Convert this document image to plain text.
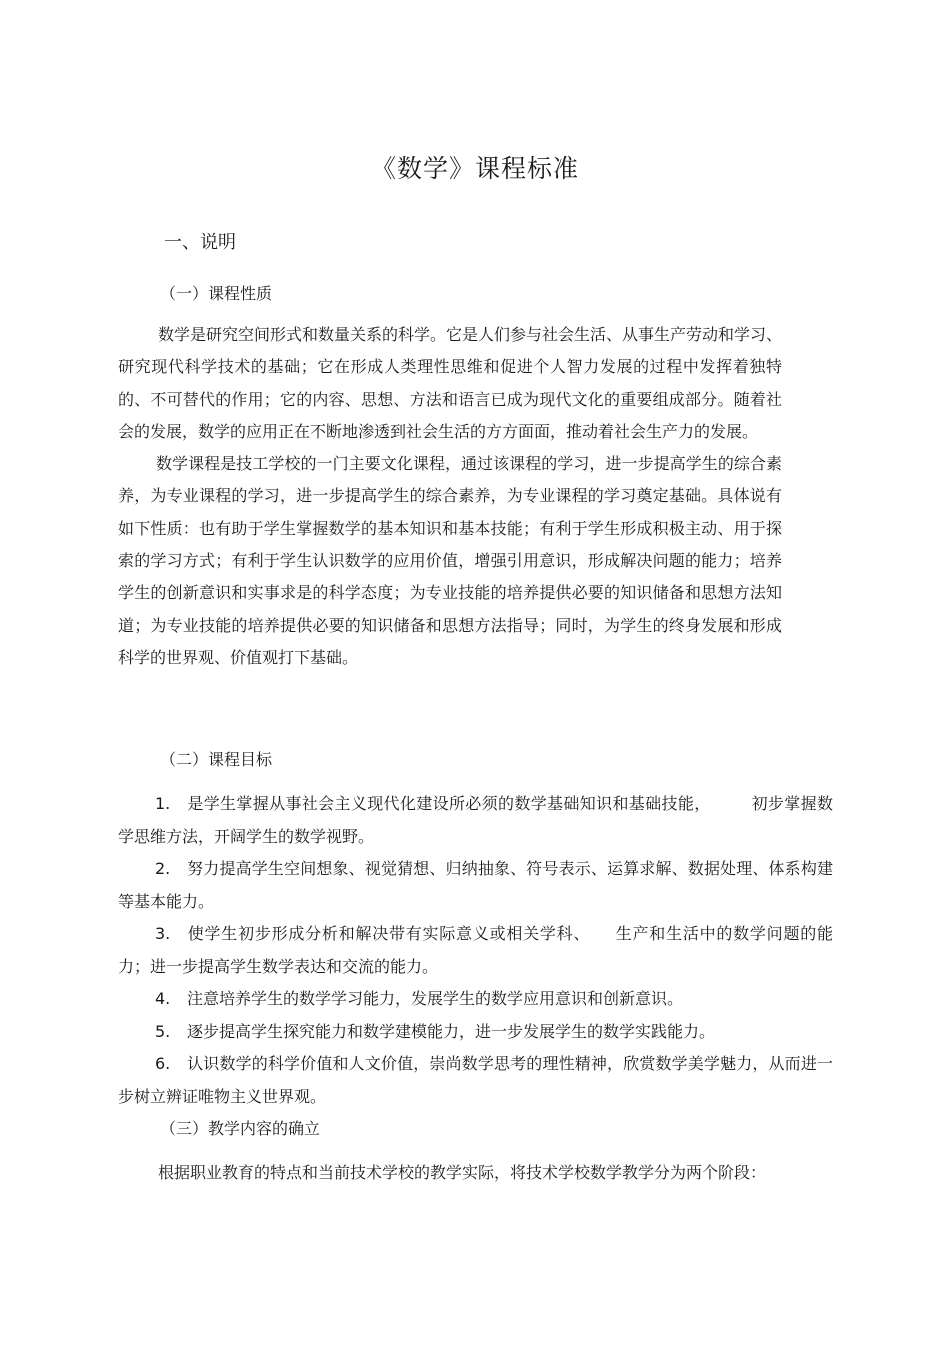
《数学》课程标准
一、说明
（一）课程性质

数学是研究空间形式和数量关系的科学。它是人们参与社会生活、从事生产劳动和学习、研究现代科学技术的基础；它在形成人类理性思维和促进个人智力发展的过程中发挥着独特的、不可替代的作用；它的内容、思想、方法和语言已成为现代文化的重要组成部分。随着社会的发展，数学的应用正在不断地渗透到社会生活的方方面面，推动着社会生产力的发展。

数学课程是技工学校的一门主要文化课程，通过该课程的学习，进一步提高学生的综合素养，为专业课程的学习，进一步提高学生的综合素养，为专业课程的学习奠定基础。具体说有如下性质：也有助于学生掌握数学的基本知识和基本技能；有利于学生形成积极主动、用于探索的学习方式；有利于学生认识数学的应用价值，增强引用意识，形成解决问题的能力；培养学生的创新意识和实事求是的科学态度；为专业技能的培养提供必要的知识储备和思想方法知道；为专业技能的培养提供必要的知识储备和思想方法指导；同时，为学生的终身发展和形成科学的世界观、价值观打下基础。

（二）课程目标

1. 是学生掌握从事社会主义现代化建设所必须的数学基础知识和基础技能，　　　初步掌握数学思维方法，开阔学生的数学视野。

2. 努力提高学生空间想象、视觉猜想、归纳抽象、符号表示、运算求解、数据处理、体系构建等基本能力。

3. 使学生初步形成分析和解决带有实际意义或相关学科、　　生产和生活中的数学问题的能力；进一步提高学生数学表达和交流的能力。

4. 注意培养学生的数学学习能力，发展学生的数学应用意识和创新意识。

5. 逐步提高学生探究能力和数学建模能力，进一步发展学生的数学实践能力。

6. 认识数学的科学价值和人文价值，崇尚数学思考的理性精神，欣赏数学美学魅力，从而进一步树立辨证唯物主义世界观。

（三）教学内容的确立

根据职业教育的特点和当前技术学校的教学实际，将技术学校数学教学分为两个阶段：
